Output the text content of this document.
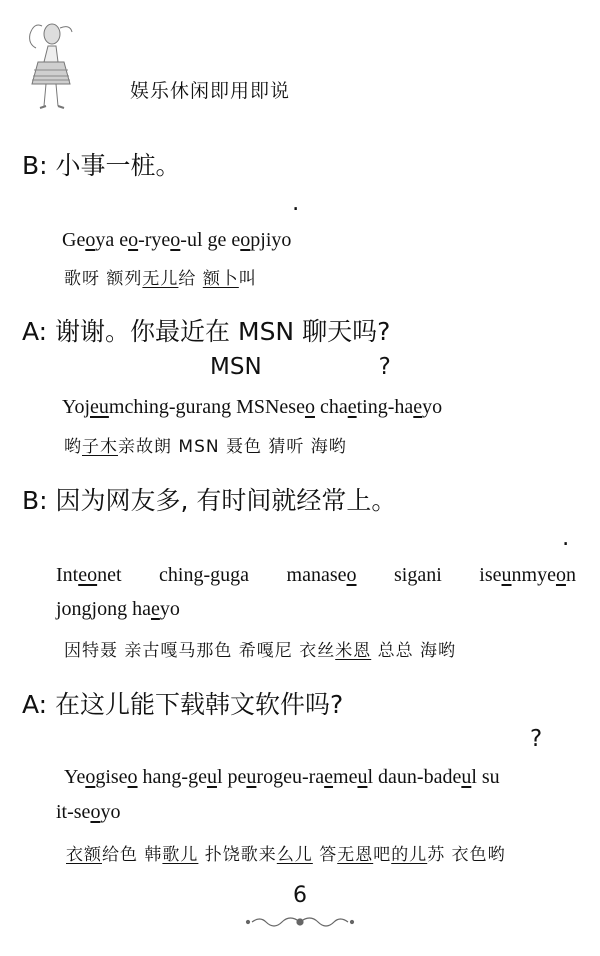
娱乐休闲即用即说
B: 小事一桩。
.
Geoya eo-ryeo-ul ge eopjiyo
歌呀 额列无儿给 额卜叫
A: 谢谢。你最近在 MSN 聊天吗?
MSN                ?
Yojeumching-gurang MSNeseo chaeting-haeyo
哟子木亲故朗 MSN 聂色 猜听 海哟
B: 因为网友多, 有时间就经常上。
.
Inteonet ching-guga manaseo sigani iseunmyeon
jongjong haeyo
因特聂 亲古嘎马那色 希嘎尼 衣丝米恩 总总 海哟
A: 在这儿能下载韩文软件吗?
?
Yeogiseo hang-geul peurogeu-raemeul daun-badeul su
it-seoyo
衣额给色 韩歌儿 扑饶歌来么儿 答无恩吧的儿苏 衣色哟
6
